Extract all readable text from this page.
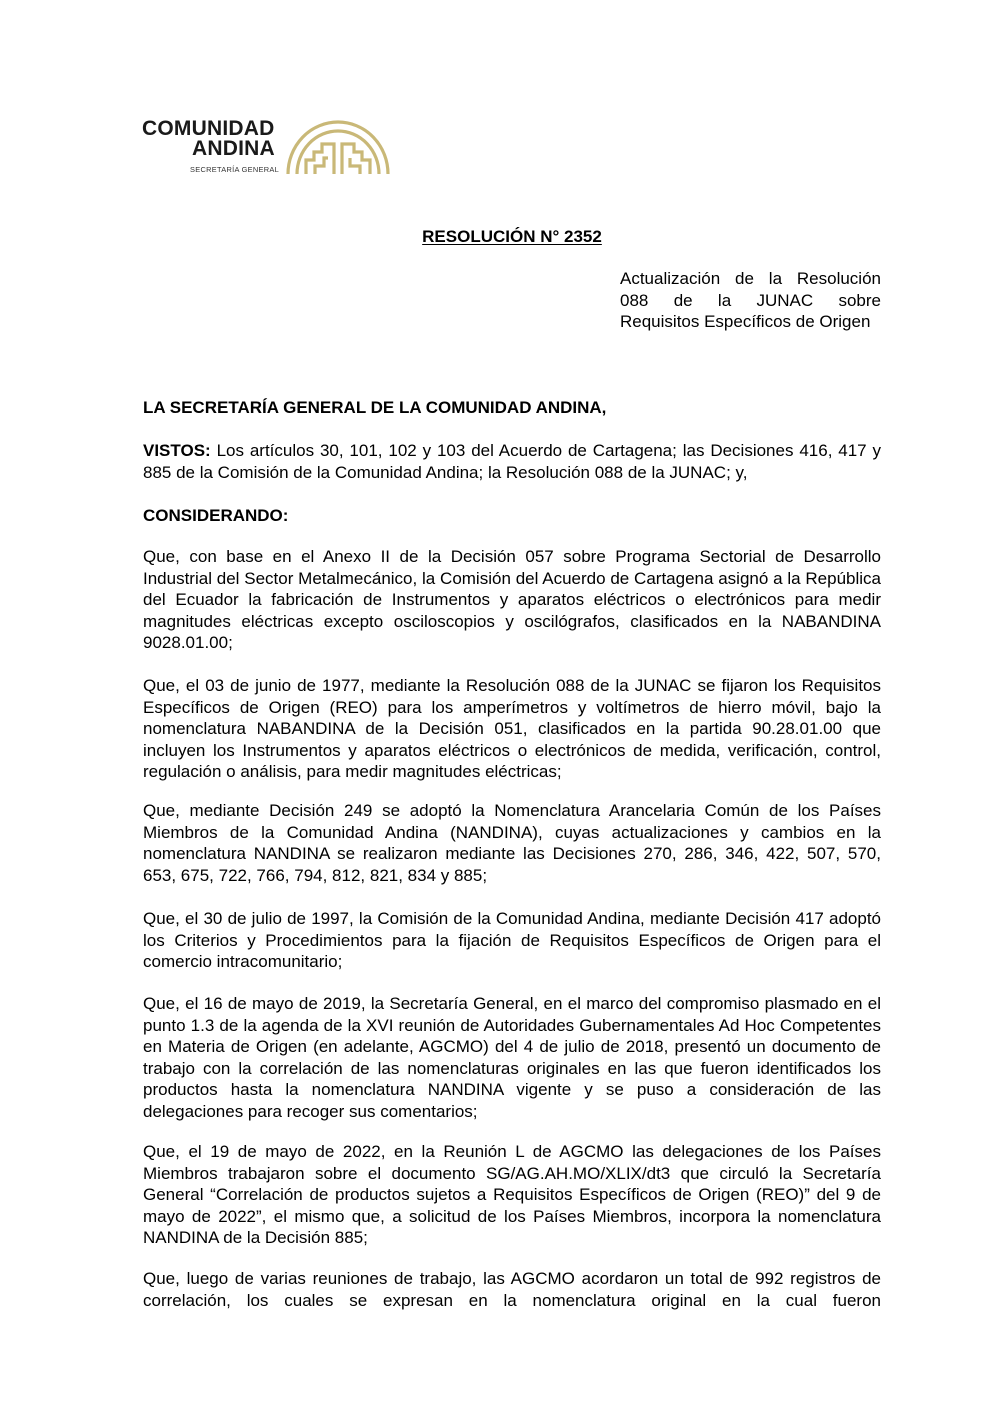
COMUNIDAD
ANDINA
SECRETARÍA GENERAL
RESOLUCIÓN N° 2352
Actualización de la Resolución 088 de la JUNAC sobre Requisitos Específicos de Origen
LA SECRETARÍA GENERAL DE LA COMUNIDAD ANDINA,
VISTOS: Los artículos 30, 101, 102 y 103 del Acuerdo de Cartagena; las Decisiones 416, 417 y 885 de la Comisión de la Comunidad Andina; la Resolución 088 de la JUNAC; y,
CONSIDERANDO:
Que, con base en el Anexo II de la Decisión 057 sobre Programa Sectorial de Desarrollo Industrial del Sector Metalmecánico, la Comisión del Acuerdo de Cartagena asignó a la República del Ecuador la fabricación de Instrumentos y aparatos eléctricos o electrónicos para medir magnitudes eléctricas excepto osciloscopios y oscilógrafos, clasificados en la NABANDINA 9028.01.00;
Que, el 03 de junio de 1977, mediante la Resolución 088 de la JUNAC se fijaron los Requisitos Específicos de Origen (REO) para los amperímetros y voltímetros de hierro móvil, bajo la nomenclatura NABANDINA de la Decisión 051, clasificados en la partida 90.28.01.00 que incluyen los Instrumentos y aparatos eléctricos o electrónicos de medida, verificación, control, regulación o análisis, para medir magnitudes eléctricas;
Que, mediante Decisión 249 se adoptó la Nomenclatura Arancelaria Común de los Países Miembros de la Comunidad Andina (NANDINA), cuyas actualizaciones y cambios en la nomenclatura NANDINA se realizaron mediante las Decisiones 270, 286, 346, 422, 507, 570, 653, 675, 722, 766, 794, 812, 821, 834 y 885;
Que, el 30 de julio de 1997, la Comisión de la Comunidad Andina, mediante Decisión 417 adoptó los Criterios y Procedimientos para la fijación de Requisitos Específicos de Origen para el comercio intracomunitario;
Que, el 16 de mayo de 2019, la Secretaría General, en el marco del compromiso plasmado en el punto 1.3 de la agenda de la XVI reunión de Autoridades Gubernamentales Ad Hoc Competentes en Materia de Origen (en adelante, AGCMO) del 4 de julio de 2018, presentó un documento de trabajo con la correlación de las nomenclaturas originales en las que fueron identificados los productos hasta la nomenclatura NANDINA vigente y se puso a consideración de las delegaciones para recoger sus comentarios;
Que, el 19 de mayo de 2022, en la Reunión L de AGCMO las delegaciones de los Países Miembros trabajaron sobre el documento SG/AG.AH.MO/XLIX/dt3 que circuló la Secretaría General “Correlación de productos sujetos a Requisitos Específicos de Origen (REO)” del 9 de mayo de 2022”, el mismo que, a solicitud de los Países Miembros, incorpora la nomenclatura NANDINA de la Decisión 885;
Que, luego de varias reuniones de trabajo, las AGCMO acordaron un total de 992 registros de correlación, los cuales se expresan en la nomenclatura original en la cual fueron
